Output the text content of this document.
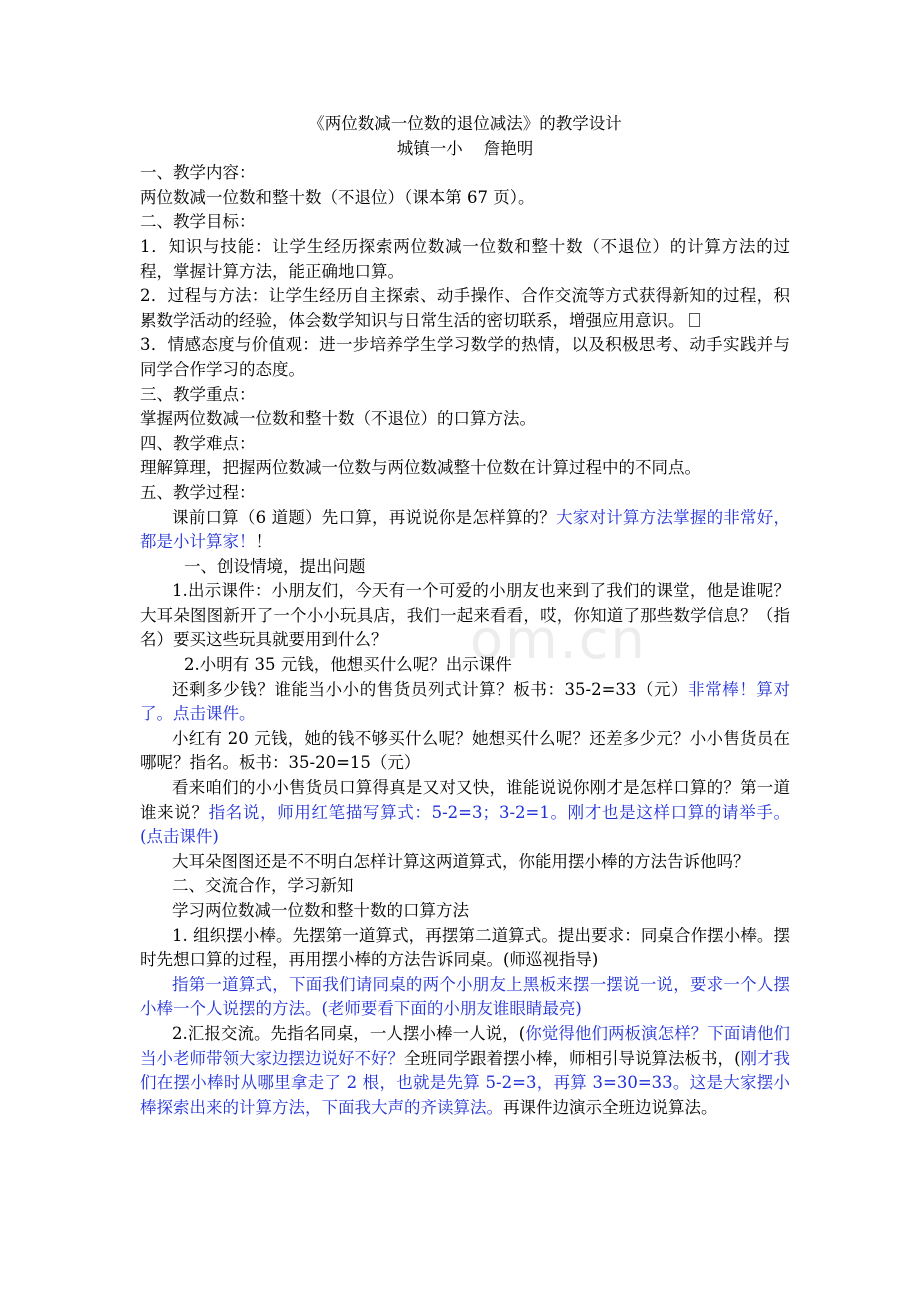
om.cn
《两位数减一位数的退位减法》的教学设计
城镇一小    詹艳明

一、教学内容：

两位数减一位数和整十数（不退位）（课本第 67 页）。

二、教学目标：

1．知识与技能：让学生经历探索两位数减一位数和整十数（不退位）的计算方法的过程，掌握计算方法，能正确地口算。

2．过程与方法：让学生经历自主探索、动手操作、合作交流等方式获得新知的过程，积累数学活动的经验，体会数学知识与日常生活的密切联系，增强应用意识。

3．情感态度与价值观：进一步培养学生学习数学的热情，以及积极思考、动手实践并与同学合作学习的态度。

三、教学重点：

掌握两位数减一位数和整十数（不退位）的口算方法。

四、教学难点：

理解算理，把握两位数减一位数与两位数减整十位数在计算过程中的不同点。

五、教学过程：

课前口算（6 道题）先口算，再说说你是怎样算的？大家对计算方法掌握的非常好，都是小计算家！！

一、创设情境，提出问题

1.出示课件：小朋友们，今天有一个可爱的小朋友也来到了我们的课堂，他是谁呢？大耳朵图图新开了一个小小玩具店，我们一起来看看，哎，你知道了那些数学信息？（指名）要买这些玩具就要用到什么？

2.小明有 35 元钱，他想买什么呢？出示课件

还剩多少钱？谁能当小小的售货员列式计算？板书：35-2=33（元）非常棒！算对了。点击课件。

小红有 20 元钱，她的钱不够买什么呢？她想买什么呢？还差多少元？小小售货员在哪呢？指名。板书：35-20=15（元）

看来咱们的小小售货员口算得真是又对又快，谁能说说你刚才是怎样口算的？第一道谁来说？指名说，师用红笔描写算式：5-2=3；3-2=1。刚才也是这样口算的请举手。(点击课件)

大耳朵图图还是不不明白怎样计算这两道算式，你能用摆小棒的方法告诉他吗？

二、交流合作，学习新知

学习两位数减一位数和整十数的口算方法

1. 组织摆小棒。先摆第一道算式，再摆第二道算式。提出要求：同桌合作摆小棒。摆时先想口算的过程，再用摆小棒的方法告诉同桌。(师巡视指导)

指第一道算式，下面我们请同桌的两个小朋友上黑板来摆一摆说一说，要求一个人摆小棒一个人说摆的方法。(老师要看下面的小朋友谁眼睛最亮)

2.汇报交流。先指名同桌，一人摆小棒一人说，(你觉得他们两板演怎样？下面请他们当小老师带领大家边摆边说好不好？全班同学跟着摆小棒，师相引导说算法板书，(刚才我们在摆小棒时从哪里拿走了 2 根，也就是先算 5-2=3，再算 3=30=33。这是大家摆小棒探索出来的计算方法，下面我大声的齐读算法。再课件边演示全班边说算法。
